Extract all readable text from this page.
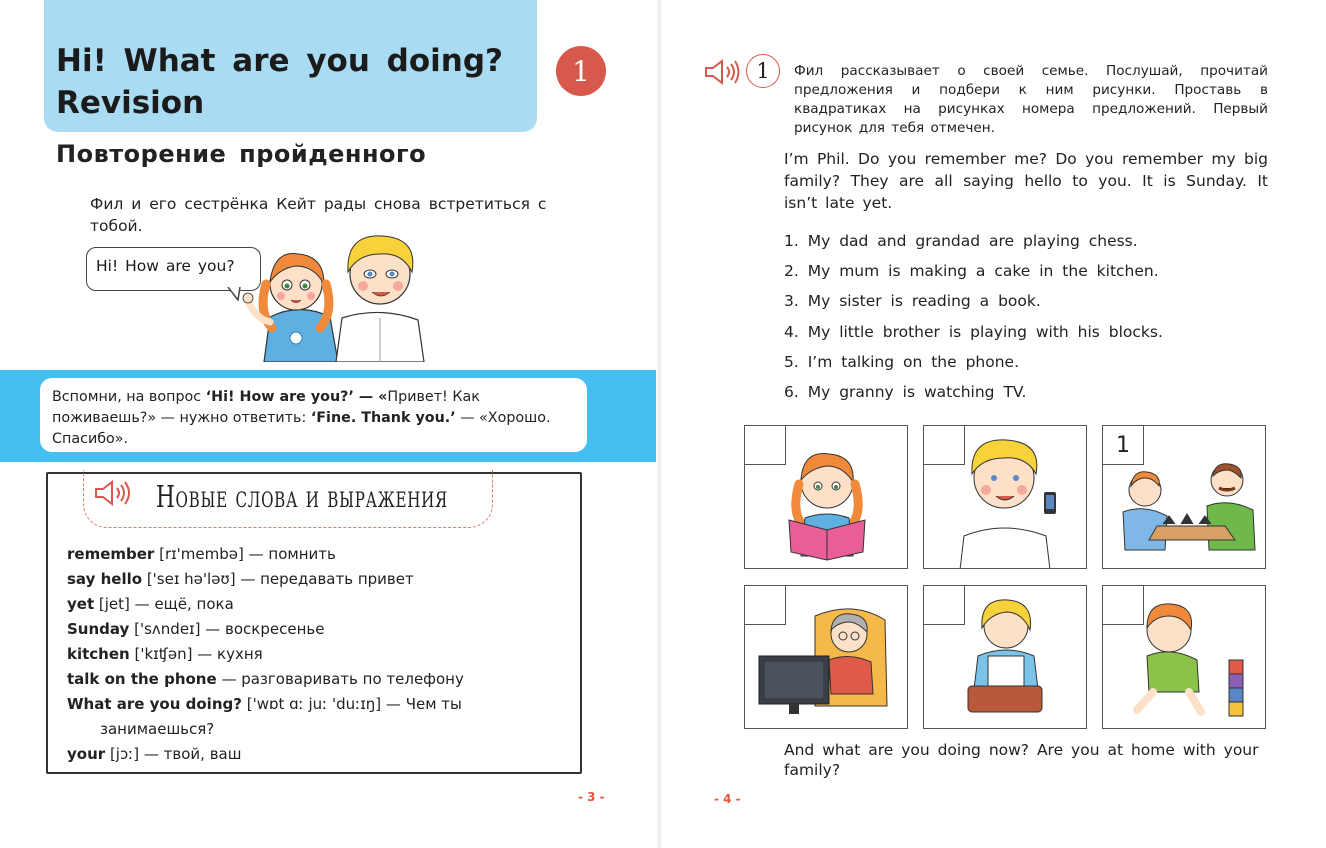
Hi! What are you doing? Revision
1
Повторение пройденного
Фил и его сестрёнка Кейт рады снова встретиться с тобой.
Hi! How are you?
Вспомни, на вопрос ‘Hi! How are you?’ — «Привет! Как поживаешь?» — нужно ответить: ‘Fine. Thank you.’ — «Хорошо. Спасибо».
Новые слова и выражения
remember [rɪ'membə] — помнить
say hello ['seɪ hə'ləʊ] — передавать привет
yet [jet] — ещё, пока
Sunday ['sʌndeɪ] — воскресенье
kitchen ['kɪʧən] — кухня
talk on the phone — разговаривать по телефону
What are you doing? ['wɒt ɑː juː 'duːɪŋ] — Чем ты
занимаешься?
your [jɔː] — твой, ваш
- 3 -
1	Фил рассказывает о своей семье. Послушай, прочитай предложения и подбери к ним рисунки. Проставь в квадратиках на рисунках номера предложений. Первый рисунок для тебя отмечен.
I’m Phil. Do you remember me? Do you remember my big family? They are all saying hello to you. It is Sunday. It isn’t late yet.
1. My dad and grandad are playing chess.
2. My mum is making a cake in the kitchen.
3. My sister is reading a book.
4. My little brother is playing with his blocks.
5. I’m talking on the phone.
6. My granny is watching TV.
1
And what are you doing now? Are you at home with your family?
- 4 -
